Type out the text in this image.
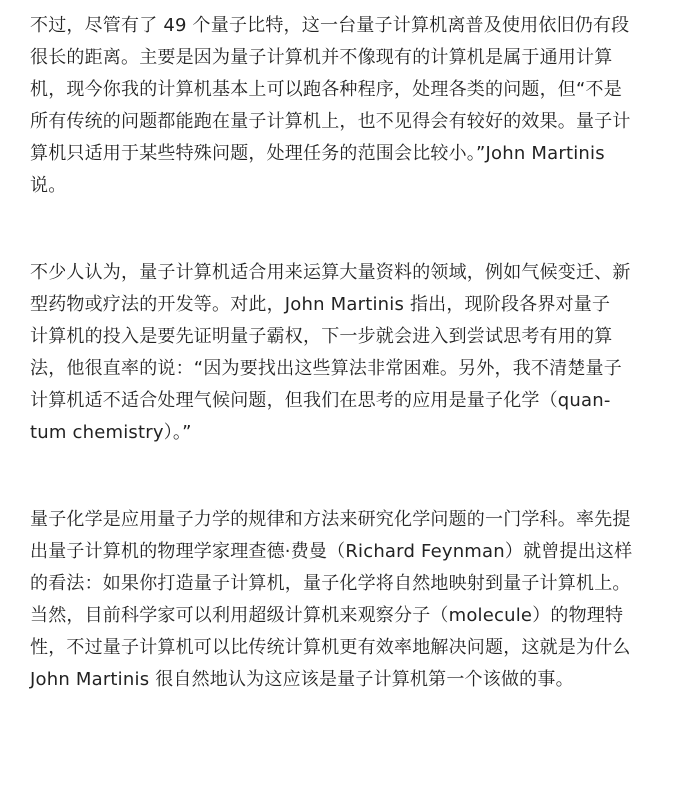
不过，尽管有了 49 个量子比特，这一台量子计算机离普及使用依旧仍有段
很长的距离。主要是因为量子计算机并不像现有的计算机是属于通用计算
机，现今你我的计算机基本上可以跑各种程序，处理各类的问题，但“不是
所有传统的问题都能跑在量子计算机上，也不见得会有较好的效果。量子计
算机只适用于某些特殊问题，处理任务的范围会比较小。”John Martinis
说。

不少人认为，量子计算机适合用来运算大量资料的领域，例如气候变迁、新
型药物或疗法的开发等。对此，John Martinis 指出，现阶段各界对量子
计算机的投入是要先证明量子霸权，下一步就会进入到尝试思考有用的算
法，他很直率的说：“因为要找出这些算法非常困难。另外，我不清楚量子
计算机适不适合处理气候问题，但我们在思考的应用是量子化学（quan-
tum chemistry）。”

量子化学是应用量子力学的规律和方法来研究化学问题的一门学科。率先提
出量子计算机的物理学家理查德·费曼（Richard Feynman）就曾提出这样
的看法：如果你打造量子计算机，量子化学将自然地映射到量子计算机上。
当然，目前科学家可以利用超级计算机来观察分子（molecule）的物理特
性，不过量子计算机可以比传统计算机更有效率地解决问题，这就是为什么
John Martinis 很自然地认为这应该是量子计算机第一个该做的事。
